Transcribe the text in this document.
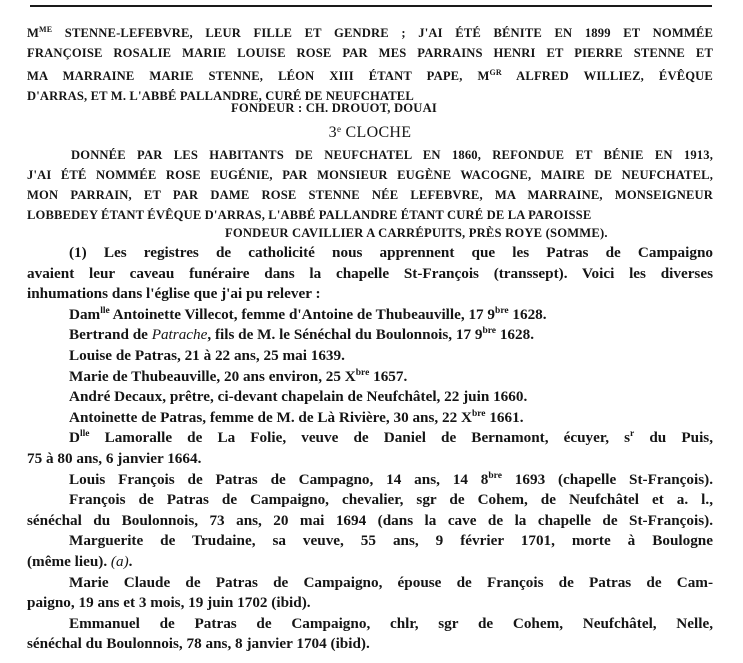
$M^{ME}$ STENNE-LEFEBVRE, LEUR FILLE ET GENDRE ; J'AI ÉTÉ BÉNITE EN 1899 ET NOMMÉE

FRANÇOISE ROSALIE MARIE LOUISE ROSE PAR MES PARRAINS HENRI ET PIERRE STENNE ET

MA MARRAINE MARIE STENNE, LÉON XIII ÉTANT PAPE, $M^{GR}$ ALFRED WILLIEZ, ÉVÊQUE

D'ARRAS, ET M. L'ABBÉ PALLANDRE, CURÉ DE NEUFCHATEL

FONDEUR : CH. DROUOT, DOUAI
3e CLOCHE

DONNÉE PAR LES HABITANTS DE NEUFCHATEL EN 1860, REFONDUE ET BÉNIE EN 1913,

J'AI ÉTÉ NOMMÉE ROSE EUGÉNIE, PAR MONSIEUR EUGÈNE WACOGNE, MAIRE DE NEUFCHATEL,

MON PARRAIN, ET PAR DAME ROSE STENNE NÉE LEFEBVRE, MA MARRAINE, MONSEIGNEUR

LOBBEDEY ÉTANT ÉVÊQUE D'ARRAS, L'ABBÉ PALLANDRE ÉTANT CURÉ DE LA PAROISSE

FONDEUR CAVILLIER A CARRÉPUITS, PRÈS ROYE (SOMME).

(1) Les registres de catholicité nous apprennent que les Patras de Campaigno

avaient leur caveau funéraire dans la chapelle St-François (transsept). Voici les diverses

inhumations dans l'église que j'ai pu relever :

Dam$^{lle}$ Antoinette Villecot, femme d'Antoine de Thubeauville, 17 $9^{bre}$ 1628.

Bertrand de Patrache, fils de M. le Sénéchal du Boulonnois, 17 $9^{bre}$ 1628.

Louise de Patras, 21 à 22 ans, 25 mai 1639.

Marie de Thubeauville, 20 ans environ, 25 $X^{bre}$ 1657.

André Decaux, prêtre, ci-devant chapelain de Neufchâtel, 22 juin 1660.

Antoinette de Patras, femme de M. de Là Rivière, 30 ans, 22 $X^{bre}$ 1661.

$D^{lle}$ Lamoralle de La Folie, veuve de Daniel de Bernamont, écuyer, $s^r$ du Puis,

75 à 80 ans, 6 janvier 1664.

Louis François de Patras de Campagno, 14 ans, 14 $8^{bre}$ 1693 (chapelle St-François).

François de Patras de Campaigno, chevalier, sgr de Cohem, de Neufchâtel et a. l.,

sénéchal du Boulonnois, 73 ans, 20 mai 1694 (dans la cave de la chapelle de St-François).

Marguerite de Trudaine, sa veuve, 55 ans, 9 février 1701, morte à Boulogne

(même lieu). (a).

Marie Claude de Patras de Campaigno, épouse de François de Patras de Cam-

paigno, 19 ans et 3 mois, 19 juin 1702 (ibid).

Emmanuel de Patras de Campaigno, chlr, sgr de Cohem, Neufchâtel, Nelle,

sénéchal du Boulonnois, 78 ans, 8 janvier 1704 (ibid).
